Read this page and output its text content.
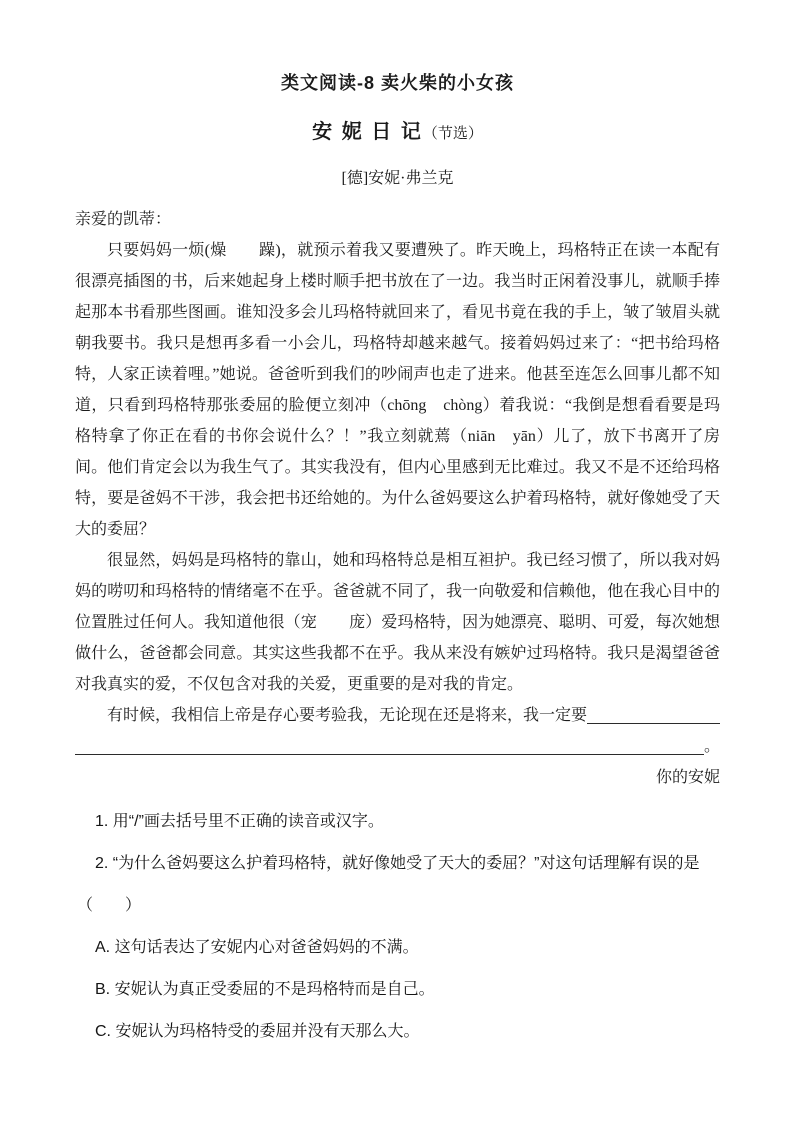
类文阅读-8 卖火柴的小女孩
安 妮 日 记（节选）
[德]安妮·弗兰克
亲爱的凯蒂：

只要妈妈一烦(燥　　躁)，就预示着我又要遭殃了。昨天晚上，玛格特正在读一本配有很漂亮插图的书，后来她起身上楼时顺手把书放在了一边。我当时正闲着没事儿，就顺手捧起那本书看那些图画。谁知没多会儿玛格特就回来了，看见书竟在我的手上，皱了皱眉头就朝我要书。我只是想再多看一小会儿，玛格特却越来越气。接着妈妈过来了：“把书给玛格特，人家正读着哩。”她说。爸爸听到我们的吵闹声也走了进来。他甚至连怎么回事儿都不知道，只看到玛格特那张委屈的脸便立刻冲（chōng　chòng）着我说：“我倒是想看看要是玛格特拿了你正在看的书你会说什么？！”我立刻就蔫（niān　yān）儿了，放下书离开了房间。他们肯定会以为我生气了。其实我没有，但内心里感到无比难过。我又不是不还给玛格特，要是爸妈不干涉，我会把书还给她的。为什么爸妈要这么护着玛格特，就好像她受了天大的委屈？

很显然，妈妈是玛格特的靠山，她和玛格特总是相互袒护。我已经习惯了，所以我对妈妈的唠叨和玛格特的情绪毫不在乎。爸爸就不同了，我一向敬爱和信赖他，他在我心目中的位置胜过任何人。我知道他很（宠　　庞）爱玛格特，因为她漂亮、聪明、可爱，每次她想做什么，爸爸都会同意。其实这些我都不在乎。我从来没有嫉妒过玛格特。我只是渴望爸爸对我真实的爱，不仅包含对我的关爱，更重要的是对我的肯定。

有时候，我相信上帝是存心要考验我，无论现在还是将来，我一定要
。
你的安妮
1. 用“/”画去括号里不正确的读音或汉字。
2. “为什么爸妈要这么护着玛格特，就好像她受了天大的委屈？”对这句话理解有误的是
（　　）
A. 这句话表达了安妮内心对爸爸妈妈的不满。
B. 安妮认为真正受委屈的不是玛格特而是自己。
C. 安妮认为玛格特受的委屈并没有天那么大。
